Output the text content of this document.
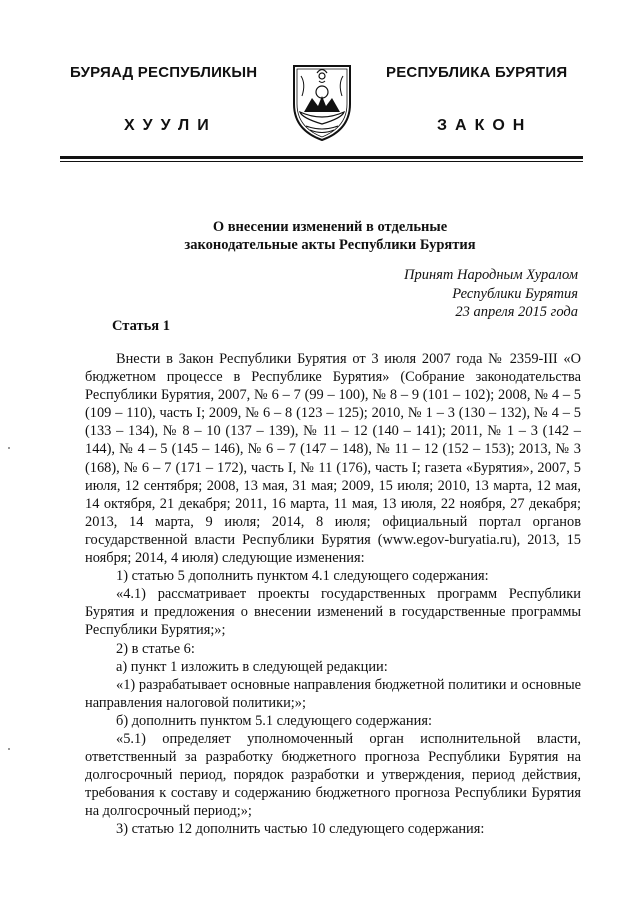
БУРЯАД РЕСПУБЛИКЫН
ХУУЛИ
РЕСПУБЛИКА БУРЯТИЯ
ЗАКОН
О внесении изменений в отдельные
законодательные акты Республики Бурятия
Принят Народным Хуралом
Республики Бурятия
23 апреля 2015 года
Статья 1

Внести в Закон Республики Бурятия от 3 июля 2007 года № 2359-III «О бюджетном процессе в Республике Бурятия» (Собрание законодательства Республики Бурятия, 2007, № 6 – 7 (99 – 100), № 8 – 9 (101 – 102); 2008, № 4 – 5 (109 – 110), часть I; 2009, № 6 – 8 (123 – 125); 2010, № 1 – 3 (130 – 132), № 4 – 5 (133 – 134), № 8 – 10 (137 – 139), № 11 – 12 (140 – 141); 2011, № 1 – 3 (142 – 144), № 4 – 5 (145 – 146), № 6 – 7 (147 – 148), № 11 – 12 (152 – 153); 2013, № 3 (168), № 6 – 7 (171 – 172), часть I, № 11 (176), часть I; газета «Бурятия», 2007, 5 июля, 12 сентября; 2008, 13 мая, 31 мая; 2009, 15 июля; 2010, 13 марта, 12 мая, 14 октября, 21 декабря; 2011, 16 марта, 11 мая, 13 июля, 22 ноября, 27 декабря; 2013, 14 марта, 9 июля; 2014, 8 июля; официальный портал органов государственной власти Республики Бурятия (www.egov-buryatia.ru), 2013, 15 ноября; 2014, 4 июля) следующие изменения:

1) статью 5 дополнить пунктом 4.1 следующего содержания:

«4.1) рассматривает проекты государственных программ Республики Бурятия и предложения о внесении изменений в государственные программы Республики Бурятия;»;

2) в статье 6:

а) пункт 1 изложить в следующей редакции:

«1) разрабатывает основные направления бюджетной политики и основные направления налоговой политики;»;

б) дополнить пунктом 5.1 следующего содержания:

«5.1) определяет уполномоченный орган исполнительной власти, ответственный за разработку бюджетного прогноза Республики Бурятия на долгосрочный период, порядок разработки и утверждения, период действия, требования к составу и содержанию бюджетного прогноза Республики Бурятия на долгосрочный период;»;

3) статью 12 дополнить частью 10 следующего содержания:
